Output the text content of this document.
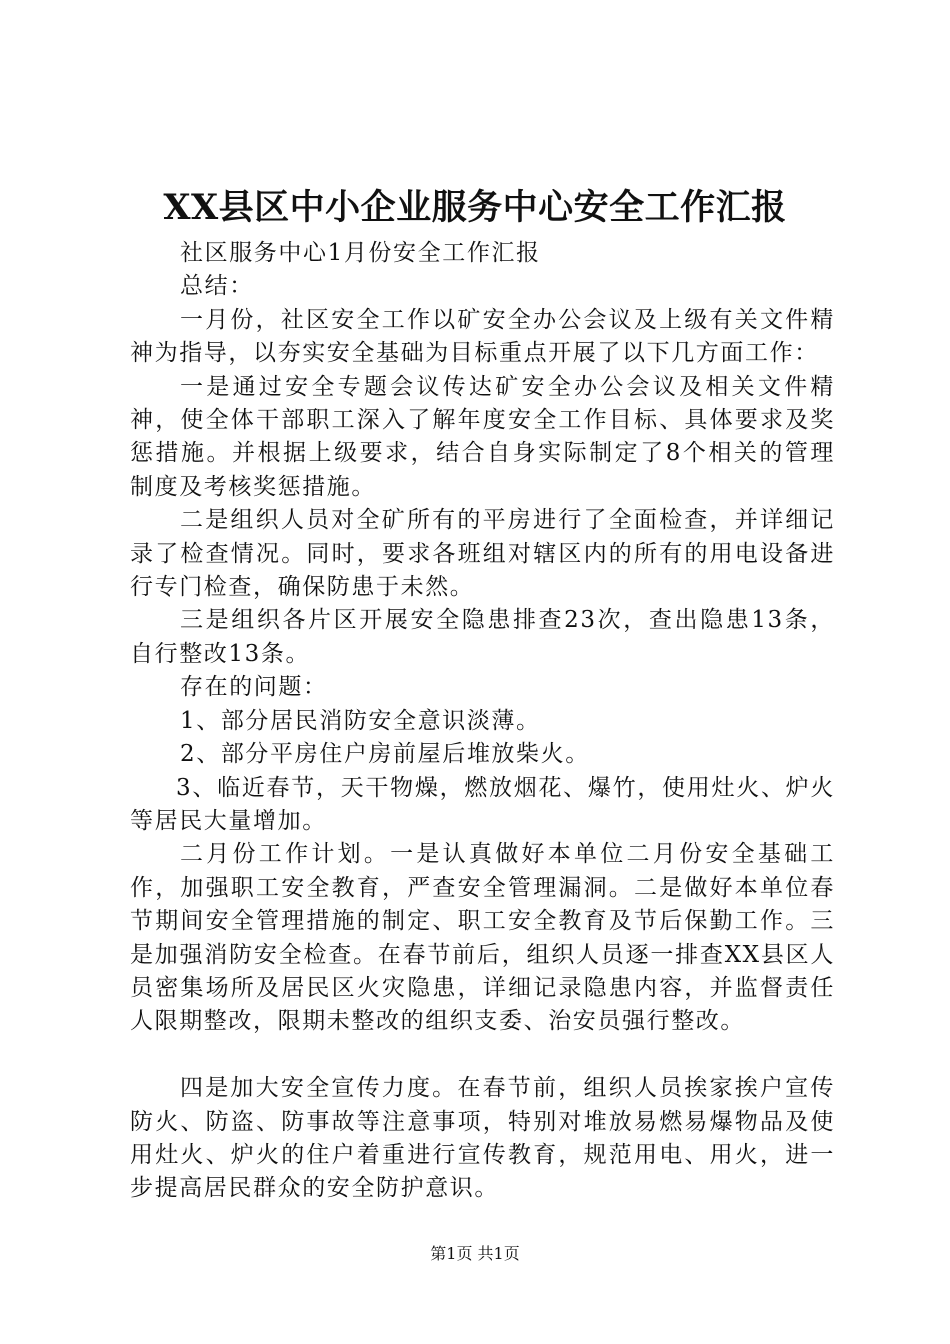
XX县区中小企业服务中心安全工作汇报

社区服务中心1月份安全工作汇报

总结：

一月份，社区安全工作以矿安全办公会议及上级有关文件精神为指导，以夯实安全基础为目标重点开展了以下几方面工作：

一是通过安全专题会议传达矿安全办公会议及相关文件精神，使全体干部职工深入了解年度安全工作目标、具体要求及奖惩措施。并根据上级要求，结合自身实际制定了8个相关的管理制度及考核奖惩措施。

二是组织人员对全矿所有的平房进行了全面检查，并详细记录了检查情况。同时，要求各班组对辖区内的所有的用电设备进行专门检查，确保防患于未然。

三是组织各片区开展安全隐患排查23次，查出隐患13条，自行整改13条。

存在的问题：

1、部分居民消防安全意识淡薄。

2、部分平房住户房前屋后堆放柴火。

3、临近春节，天干物燥，燃放烟花、爆竹，使用灶火、炉火等居民大量增加。

二月份工作计划。一是认真做好本单位二月份安全基础工作，加强职工安全教育，严查安全管理漏洞。二是做好本单位春节期间安全管理措施的制定、职工安全教育及节后保勤工作。三是加强消防安全检查。在春节前后，组织人员逐一排查XX县区人员密集场所及居民区火灾隐患，详细记录隐患内容，并监督责任人限期整改，限期未整改的组织支委、治安员强行整改。

四是加大安全宣传力度。在春节前，组织人员挨家挨户宣传防火、防盗、防事故等注意事项，特别对堆放易燃易爆物品及使用灶火、炉火的住户着重进行宣传教育，规范用电、用火，进一步提高居民群众的安全防护意识。

第1页 共1页
